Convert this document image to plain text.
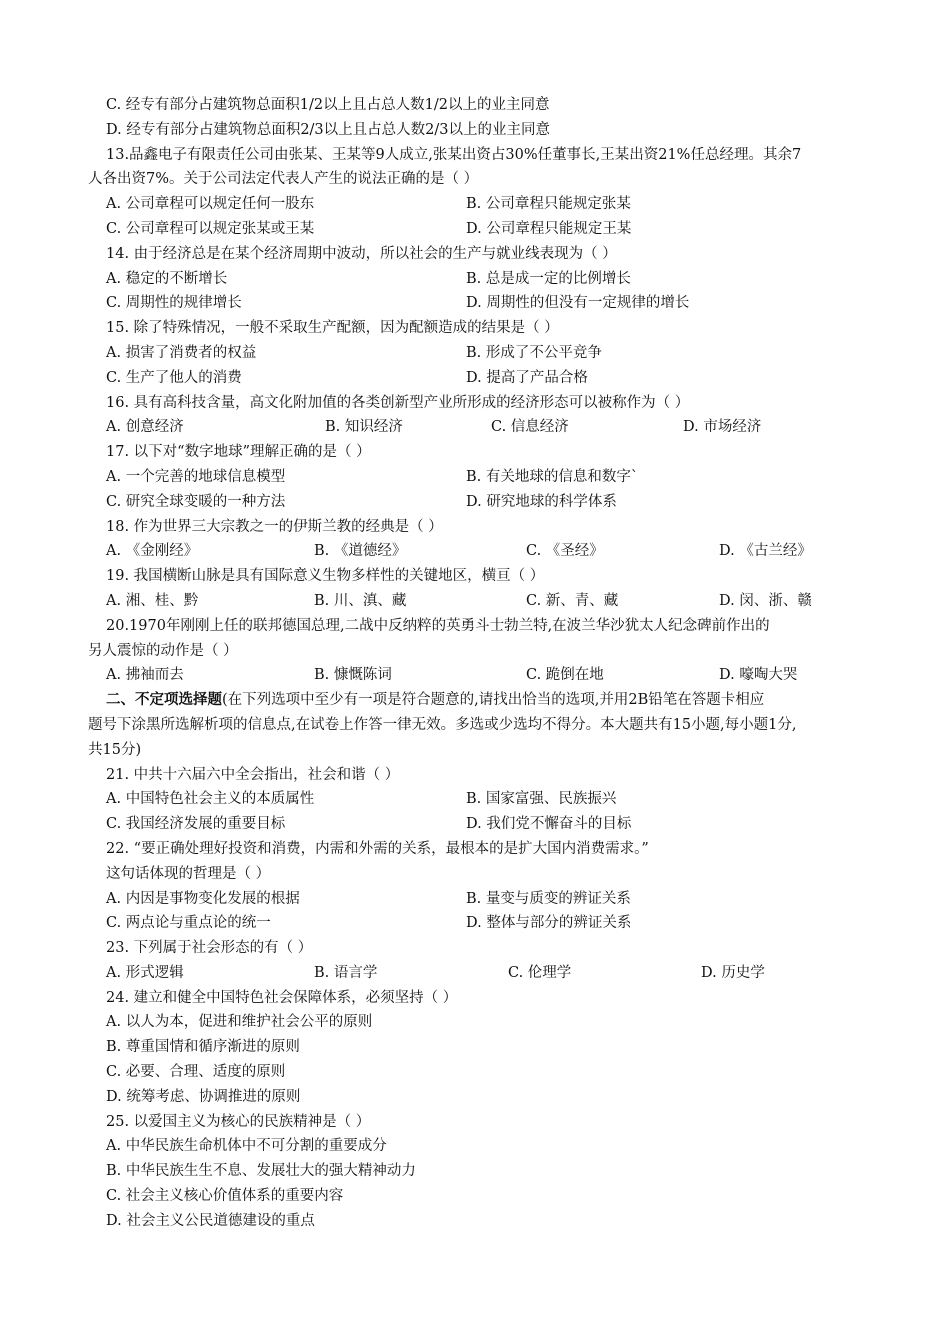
C. 经专有部分占建筑物总面积1/2以上且占总人数1/2以上的业主同意
D. 经专有部分占建筑物总面积2/3以上且占总人数2/3以上的业主同意
13.品鑫电子有限责任公司由张某、王某等9人成立,张某出资占30%任董事长,王某出资21%任总经理。其余7
人各出资7%。关于公司法定代表人产生的说法正确的是（ ）
A. 公司章程可以规定任何一股东	B. 公司章程只能规定张某
C. 公司章程可以规定张某或王某	D. 公司章程只能规定王某
14. 由于经济总是在某个经济周期中波动，所以社会的生产与就业线表现为（ ）
A. 稳定的不断增长	B. 总是成一定的比例增长
C. 周期性的规律增长	D. 周期性的但没有一定规律的增长
15. 除了特殊情况，一般不采取生产配额，因为配额造成的结果是（ ）
A. 损害了消费者的权益	B. 形成了不公平竞争
C. 生产了他人的消费	D. 提高了产品合格
16. 具有高科技含量，高文化附加值的各类创新型产业所形成的经济形态可以被称作为（ ）
A. 创意经济	B. 知识经济	C. 信息经济	D. 市场经济
17. 以下对“数字地球”理解正确的是（ ）
A. 一个完善的地球信息模型	B. 有关地球的信息和数字`
C. 研究全球变暖的一种方法	D. 研究地球的科学体系
18. 作为世界三大宗教之一的伊斯兰教的经典是（ ）
A. 《金刚经》	B. 《道德经》	C. 《圣经》	D. 《古兰经》
19. 我国横断山脉是具有国际意义生物多样性的关键地区，横亘（ ）
A. 湘、桂、黔	B. 川、滇、藏	C. 新、青、藏	D. 闵、浙、赣
20.1970年刚刚上任的联邦德国总理,二战中反纳粹的英勇斗士勃兰特,在波兰华沙犹太人纪念碑前作出的
另人震惊的动作是（ ）
A. 拂袖而去	B. 慷慨陈词	C. 跪倒在地	D. 嚎啕大哭
二、不定项选择题(在下列选项中至少有一项是符合题意的,请找出恰当的选项,并用2B铅笔在答题卡相应
题号下涂黑所选解析项的信息点,在试卷上作答一律无效。多选或少选均不得分。本大题共有15小题,每小题1分,
共15分)
21. 中共十六届六中全会指出，社会和谐（ ）
A. 中国特色社会主义的本质属性	B. 国家富强、民族振兴
C. 我国经济发展的重要目标	D. 我们党不懈奋斗的目标
22. “要正确处理好投资和消费，内需和外需的关系，最根本的是扩大国内消费需求。”
这句话体现的哲理是（ ）
A. 内因是事物变化发展的根据	B. 量变与质变的辨证关系
C. 两点论与重点论的统一	D. 整体与部分的辨证关系
23. 下列属于社会形态的有（ ）
A. 形式逻辑	B. 语言学	C. 伦理学	D. 历史学
24. 建立和健全中国特色社会保障体系，必须坚持（ ）
A. 以人为本，促进和维护社会公平的原则
B. 尊重国情和循序渐进的原则
C. 必要、合理、适度的原则
D. 统筹考虑、协调推进的原则
25. 以爱国主义为核心的民族精神是（ ）
A. 中华民族生命机体中不可分割的重要成分
B. 中华民族生生不息、发展壮大的强大精神动力
C. 社会主义核心价值体系的重要内容
D. 社会主义公民道德建设的重点
